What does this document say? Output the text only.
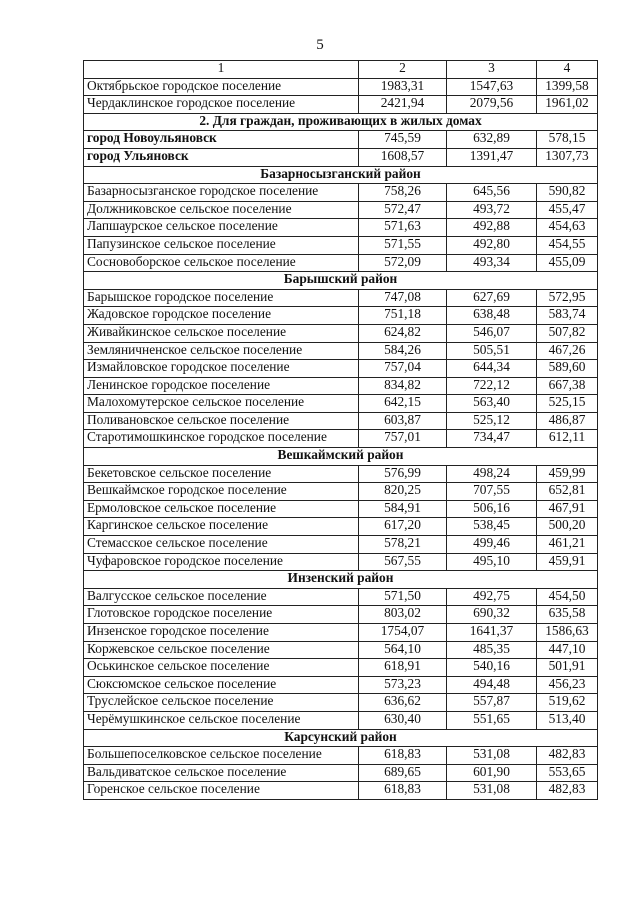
5
1	2	3	4
Октябрьское городское поселение	1983,31	1547,63	1399,58
Чердаклинское городское поселение	2421,94	2079,56	1961,02
2. Для граждан, проживающих в жилых домах			
город Новоульяновск	745,59	632,89	578,15
город Ульяновск	1608,57	1391,47	1307,73
Базарносызганский район			
Базарносызганское городское поселение	758,26	645,56	590,82
Должниковское сельское поселение	572,47	493,72	455,47
Лапшаурское сельское поселение	571,63	492,88	454,63
Папузинское сельское поселение	571,55	492,80	454,55
Сосновоборское сельское поселение	572,09	493,34	455,09
Барышский район			
Барышское городское поселение	747,08	627,69	572,95
Жадовское городское поселение	751,18	638,48	583,74
Живайкинское сельское поселение	624,82	546,07	507,82
Земляничненское сельское поселение	584,26	505,51	467,26
Измайловское городское поселение	757,04	644,34	589,60
Ленинское городское поселение	834,82	722,12	667,38
Малохомутерское сельское поселение	642,15	563,40	525,15
Поливановское сельское поселение	603,87	525,12	486,87
Старотимошкинское городское поселение	757,01	734,47	612,11
Вешкаймский район			
Бекетовское сельское поселение	576,99	498,24	459,99
Вешкаймское городское поселение	820,25	707,55	652,81
Ермоловское сельское поселение	584,91	506,16	467,91
Каргинское сельское поселение	617,20	538,45	500,20
Стемасское сельское поселение	578,21	499,46	461,21
Чуфаровское городское поселение	567,55	495,10	459,91
Инзенский район			
Валгусское сельское поселение	571,50	492,75	454,50
Глотовское городское поселение	803,02	690,32	635,58
Инзенское городское поселение	1754,07	1641,37	1586,63
Коржевское сельское поселение	564,10	485,35	447,10
Оськинское сельское поселение	618,91	540,16	501,91
Сюксюмское сельское поселение	573,23	494,48	456,23
Труслейское сельское поселение	636,62	557,87	519,62
Черёмушкинское сельское поселение	630,40	551,65	513,40
Карсунский район			
Большепоселковское сельское поселение	618,83	531,08	482,83
Вальдиватское сельское поселение	689,65	601,90	553,65
Горенское сельское поселение	618,83	531,08	482,83
